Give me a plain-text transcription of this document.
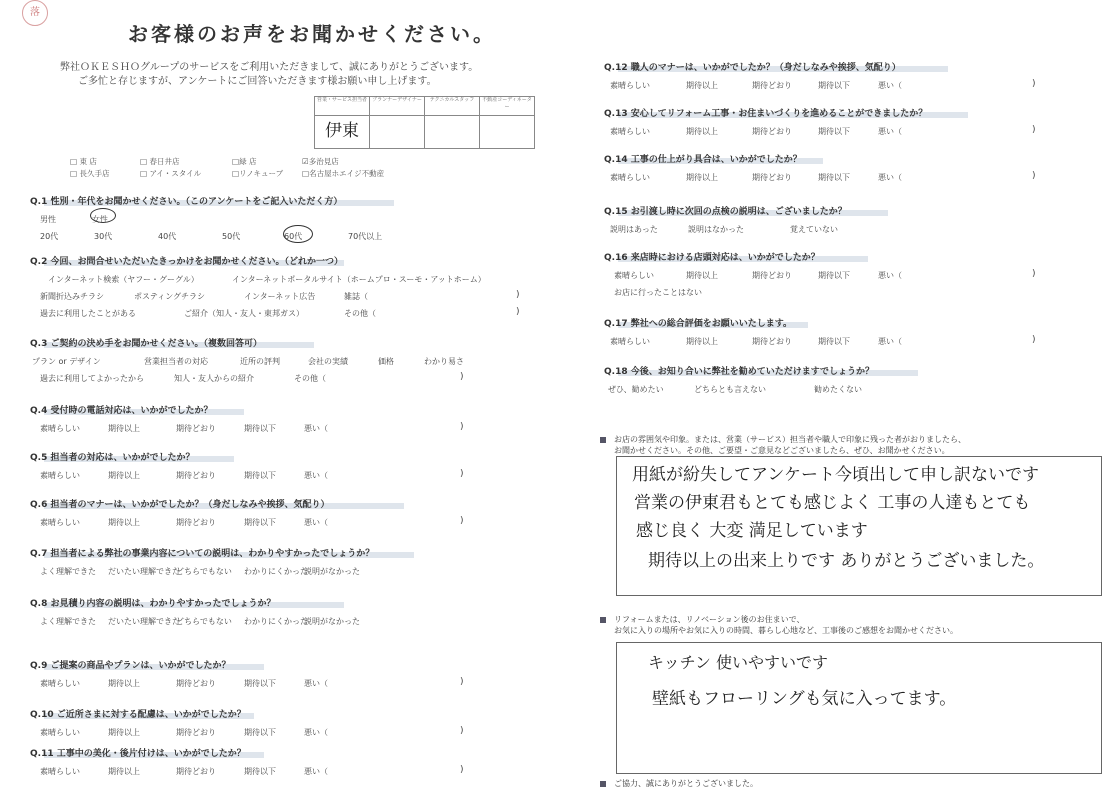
落
お客様のお声をお聞かせください。
弊社ＯＫＥＳＨＯグループのサービスをご利用いただきまして、誠にありがとうございます。
ご多忙と存じますが、アンケートにご回答いただきます様お願い申し上げます。
営業・サービス担当者	プランナーデザイナー	テクニカルスタッフ	不動産コーディネーター
伊東			
□ 東 店	□ 春日井店	□緑 店	☑多治見店
□ 長久手店	□ アイ・スタイル	□リノキューブ	□名古屋ホエイジ不動産
Q.1 性別・年代をお聞かせください。（このアンケートをご記入いただく方）
男性	女性
20代	30代	40代	50代	60代	70代以上
Q.2 今回、お問合せいただいたきっかけをお聞かせください。（どれか一つ）
インターネット検索（ヤフー・グーグル）	インターネットポータルサイト（ホームプロ・スーモ・アットホーム）
新聞折込みチラシ	ポスティングチラシ	インターネット広告	雑誌（	)
過去に利用したことがある	ご紹介（知人・友人・東邦ガス）	その他（	)
Q.3 ご契約の決め手をお聞かせください。（複数回答可）
プラン or デザイン	営業担当者の対応	近所の評判	会社の実績	価格	わかり易さ
過去に利用してよかったから	知人・友人からの紹介	その他（	)
Q.4 受付時の電話対応は、いかがでしたか？
素晴らしい	期待以上	期待どおり	期待以下	悪い（	)
Q.5 担当者の対応は、いかがでしたか？
素晴らしい	期待以上	期待どおり	期待以下	悪い（	)
Q.6 担当者のマナーは、いかがでしたか？（身だしなみや挨拶、気配り）
素晴らしい	期待以上	期待どおり	期待以下	悪い（	)
Q.7 担当者による弊社の事業内容についての説明は、わかりやすかったでしょうか？
よく理解できた だいたい理解できた
どちらでもない わかりにくかった
説明がなかった
Q.8 お見積り内容の説明は、わかりやすかったでしょうか？
よく理解できた だいたい理解できた
どちらでもない わかりにくかった
説明がなかった
Q.9 ご提案の商品やプランは、いかがでしたか？
素晴らしい	期待以上	期待どおり	期待以下	悪い（	)
Q.10 ご近所さまに対する配慮は、いかがでしたか？
素晴らしい	期待以上	期待どおり	期待以下	悪い（	)
Q.11 工事中の美化・後片付けは、いかがでしたか？
素晴らしい	期待以上	期待どおり	期待以下	悪い（	)
Q.12 職人のマナーは、いかがでしたか？（身だしなみや挨拶、気配り）
素晴らしい	期待以上	期待どおり	期待以下	悪い（	)
Q.13 安心してリフォーム工事・お住まいづくりを進めることができましたか？
素晴らしい	期待以上	期待どおり	期待以下	悪い（	)
Q.14 工事の仕上がり具合は、いかがでしたか？
素晴らしい	期待以上	期待どおり	期待以下	悪い（	)
Q.15 お引渡し時に次回の点検の説明は、ございましたか？
説明はあった	説明はなかった	覚えていない
Q.16 来店時における店頭対応は、いかがでしたか？
素晴らしい	期待以上	期待どおり	期待以下	悪い（	)
お店に行ったことはない
Q.17 弊社への総合評価をお願いいたします。
素晴らしい	期待以上	期待どおり	期待以下	悪い（	)
Q.18 今後、お知り合いに弊社を勧めていただけますでしょうか？
ぜひ、勧めたい	どちらとも言えない	勧めたくない
お店の雰囲気や印象。または、営業（サービス）担当者や職人で印象に残った者がおりましたら、
お聞かせください。その他、ご要望・ご意見などございましたら、ぜひ、お聞かせください。
用紙が紛失してアンケート今頃出して申し訳ないです
営業の伊東君もとても感じよく 工事の人達もとても
感じ良く 大変 満足しています
期待以上の出来上りです ありがとうございました。
リフォームまたは、リノベーション後のお住まいで、
お気に入りの場所やお気に入りの時間、暮らし心地など、工事後のご感想をお聞かせください。
キッチン 使いやすいです
壁紙もフローリングも気に入ってます。
ご協力、誠にありがとうございました。
